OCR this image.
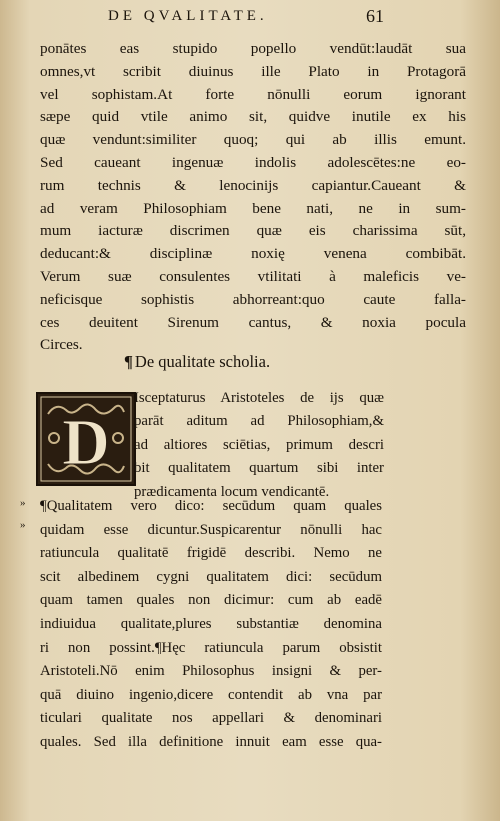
DE QVALITATE.	61
ponātes eas stupido popello vendūt:laudāt sua
omnes,vt scribit diuinus ille Plato in Protagorā
vel sophistam.At forte nōnulli eorum ignorant
sæpe quid vtile animo sit, quidve inutile ex his
quæ vendunt:similiter quoq; qui ab illis emunt.
Sed caueant ingenuæ indolis adolescētes:ne eo-
rum technis & lenocinijs capiantur.Caueant &
ad veram Philosophiam bene nati, ne in sum-
mum iacturæ discrimen quæ eis charissima sūt,
deducant:& disciplinæ noxię venena combibāt.
Verum suæ consulentes vtilitati à maleficis ve-
neficisque sophistis abhorreant:quo caute falla-
ces deuitent Sirenum cantus, & noxia pocula
Circes.
¶ De qualitate scholia.
D
Isceptaturus Aristoteles de ijs quæ
parāt aditum ad Philosophiam,&
ad altiores sciētias, primum descri
bit qualitatem quartum sibi inter
prædicamenta locum vendicantē.
»
»
¶Qualitatem vero dico: secūdum quam quales
quidam esse dicuntur.Suspicarentur nōnulli hac
ratiuncula qualitatē frigidē describi. Nemo ne
scit albedinem cygni qualitatem dici: secūdum
quam tamen quales non dicimur: cum ab eadē
indiuidua qualitate,plures substantiæ denomina
ri non possint.¶Hęc ratiuncula parum obsistit
Aristoteli.Nō enim Philosophus insigni & per-
quā diuino ingenio,dicere contendit ab vna par
ticulari qualitate nos appellari & denominari
quales. Sed illa definitione innuit eam esse qua-
